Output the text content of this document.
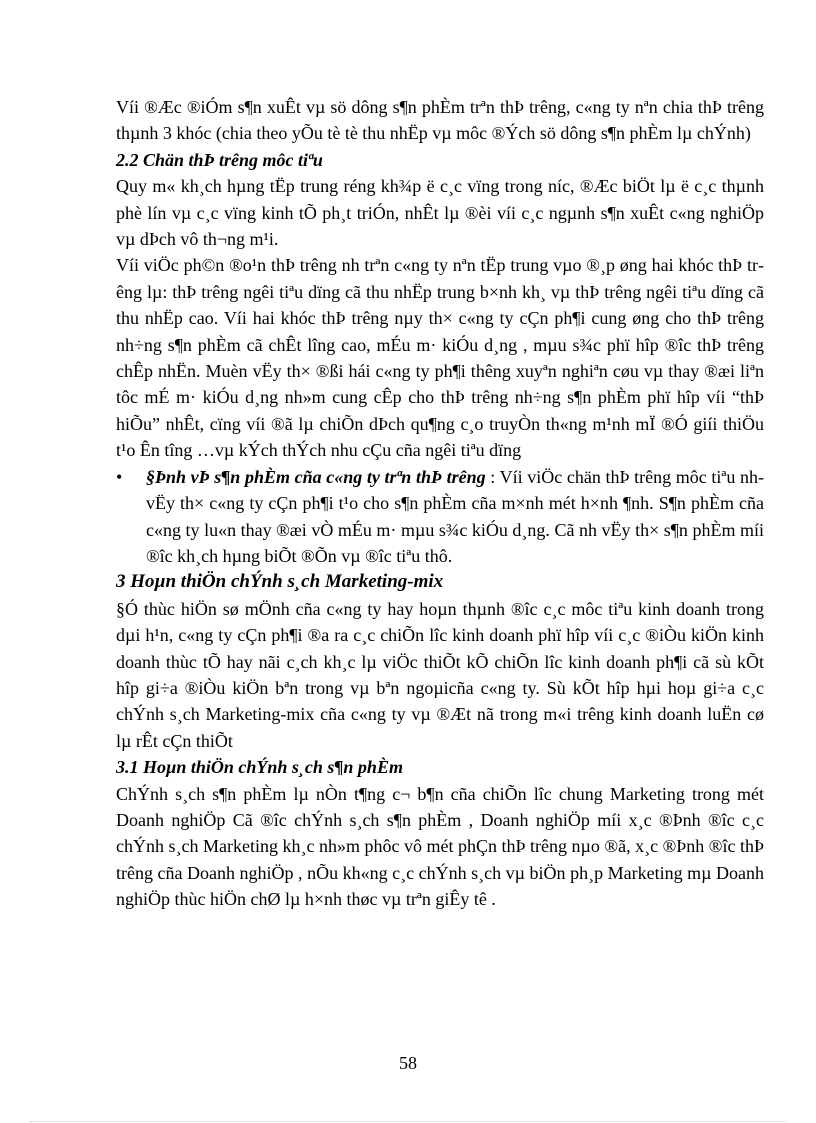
Víi ®Æc ®iÓm s¶n xuÊt vµ sö dông s¶n phÈm trªn thÞ trêng, c«ng ty nªn chia thÞ trêng thµnh 3 khóc (chia theo yÕu tè tè thu nhËp vµ môc ®Ých sö dông s¶n phÈm lµ chÝnh)

2.2 Chän thÞ trêng môc tiªu

Quy m« kh¸ch hµng tËp trung réng kh¾p ë c¸c vïng trong níc, ®Æc biÖt lµ ë c¸c thµnh phè lín vµ c¸c vïng kinh tÕ ph¸t triÓn, nhÊt lµ ®èi víi c¸c ngµnh s¶n xuÊt c«ng nghiÖp vµ dÞch vô th¬ng m¹i.

Víi viÖc ph©n ®o¹n thÞ trêng nh trªn c«ng ty nªn tËp trung vµo ®¸p øng hai khóc thÞ trêng lµ: thÞ trêng ngêi tiªu dïng cã thu nhËp trung b×nh kh¸ vµ thÞ trêng ngêi tiªu dïng cã thu nhËp cao. Víi hai khóc thÞ trêng nµy th× c«ng ty cÇn ph¶i cung øng cho thÞ trêng nh÷ng s¶n phÈm cã chÊt lîng cao, mÉu m· kiÓu d¸ng , mµu s¾c phï hîp ®îc thÞ trêng chÊp nhËn. Muèn vËy th× ®ßi hái c«ng ty ph¶i thêng xuyªn nghiªn cøu vµ thay ®æi liªn tôc mÉ m· kiÓu d¸ng nh»m cung cÊp cho thÞ trêng nh÷ng s¶n phÈm phï hîp víi “thÞ hiÕu” nhÊt, cïng víi ®ã lµ chiÕn dÞch qu¶ng c¸o truyÒn th«ng m¹nh mÏ ®Ó giíi thiÖu t¹o Ên tîng …vµ kÝch thÝch nhu cÇu cña ngêi tiªu dïng

• §Þnh vÞ s¶n phÈm cña c«ng ty trªn thÞ trêng : Víi viÖc chän thÞ trêng môc tiªu nh vËy th× c«ng ty cÇn ph¶i t¹o cho s¶n phÈm cña m×nh mét h×nh ¶nh. S¶n phÈm cña c«ng ty lu«n thay ®æi vÒ mÉu m· mµu s¾c kiÓu d¸ng. Cã nh vËy th× s¶n phÈm míi ®îc kh¸ch hµng biÕt ®Õn vµ ®îc tiªu thô.

3 Hoµn thiÖn chÝnh s¸ch Marketing-mix

§Ó thùc hiÖn sø mÖnh cña c«ng ty hay hoµn thµnh ®îc c¸c môc tiªu kinh doanh trong dµi h¹n, c«ng ty cÇn ph¶i ®a ra c¸c chiÕn lîc kinh doanh phï hîp víi c¸c ®iÒu kiÖn kinh doanh thùc tÕ hay nãi c¸ch kh¸c lµ viÖc thiÕt kÕ chiÕn lîc kinh doanh ph¶i cã sù kÕt hîp gi÷a ®iÒu kiÖn bªn trong vµ bªn ngoµicña c«ng ty. Sù kÕt hîp hµi hoµ gi÷a c¸c chÝnh s¸ch Marketing-mix cña c«ng ty vµ ®Æt nã trong m«i trêng kinh doanh luËn cø lµ rÊt cÇn thiÕt

3.1 Hoµn thiÖn chÝnh s¸ch s¶n phÈm

ChÝnh s¸ch s¶n phÈm lµ nÒn t¶ng c¬ b¶n cña chiÕn lîc chung Marketing trong mét Doanh nghiÖp Cã ®îc chÝnh s¸ch s¶n phÈm , Doanh nghiÖp míi x¸c ®Þnh ®îc c¸c chÝnh s¸ch Marketing kh¸c nh»m phôc vô mét phÇn thÞ trêng nµo ®ã, x¸c ®Þnh ®îc thÞ trêng cña Doanh nghiÖp , nÕu kh«ng c¸c chÝnh s¸ch vµ biÖn ph¸p Marketing mµ Doanh nghiÖp thùc hiÖn chØ lµ h×nh thøc vµ trªn giÊy tê .

58
